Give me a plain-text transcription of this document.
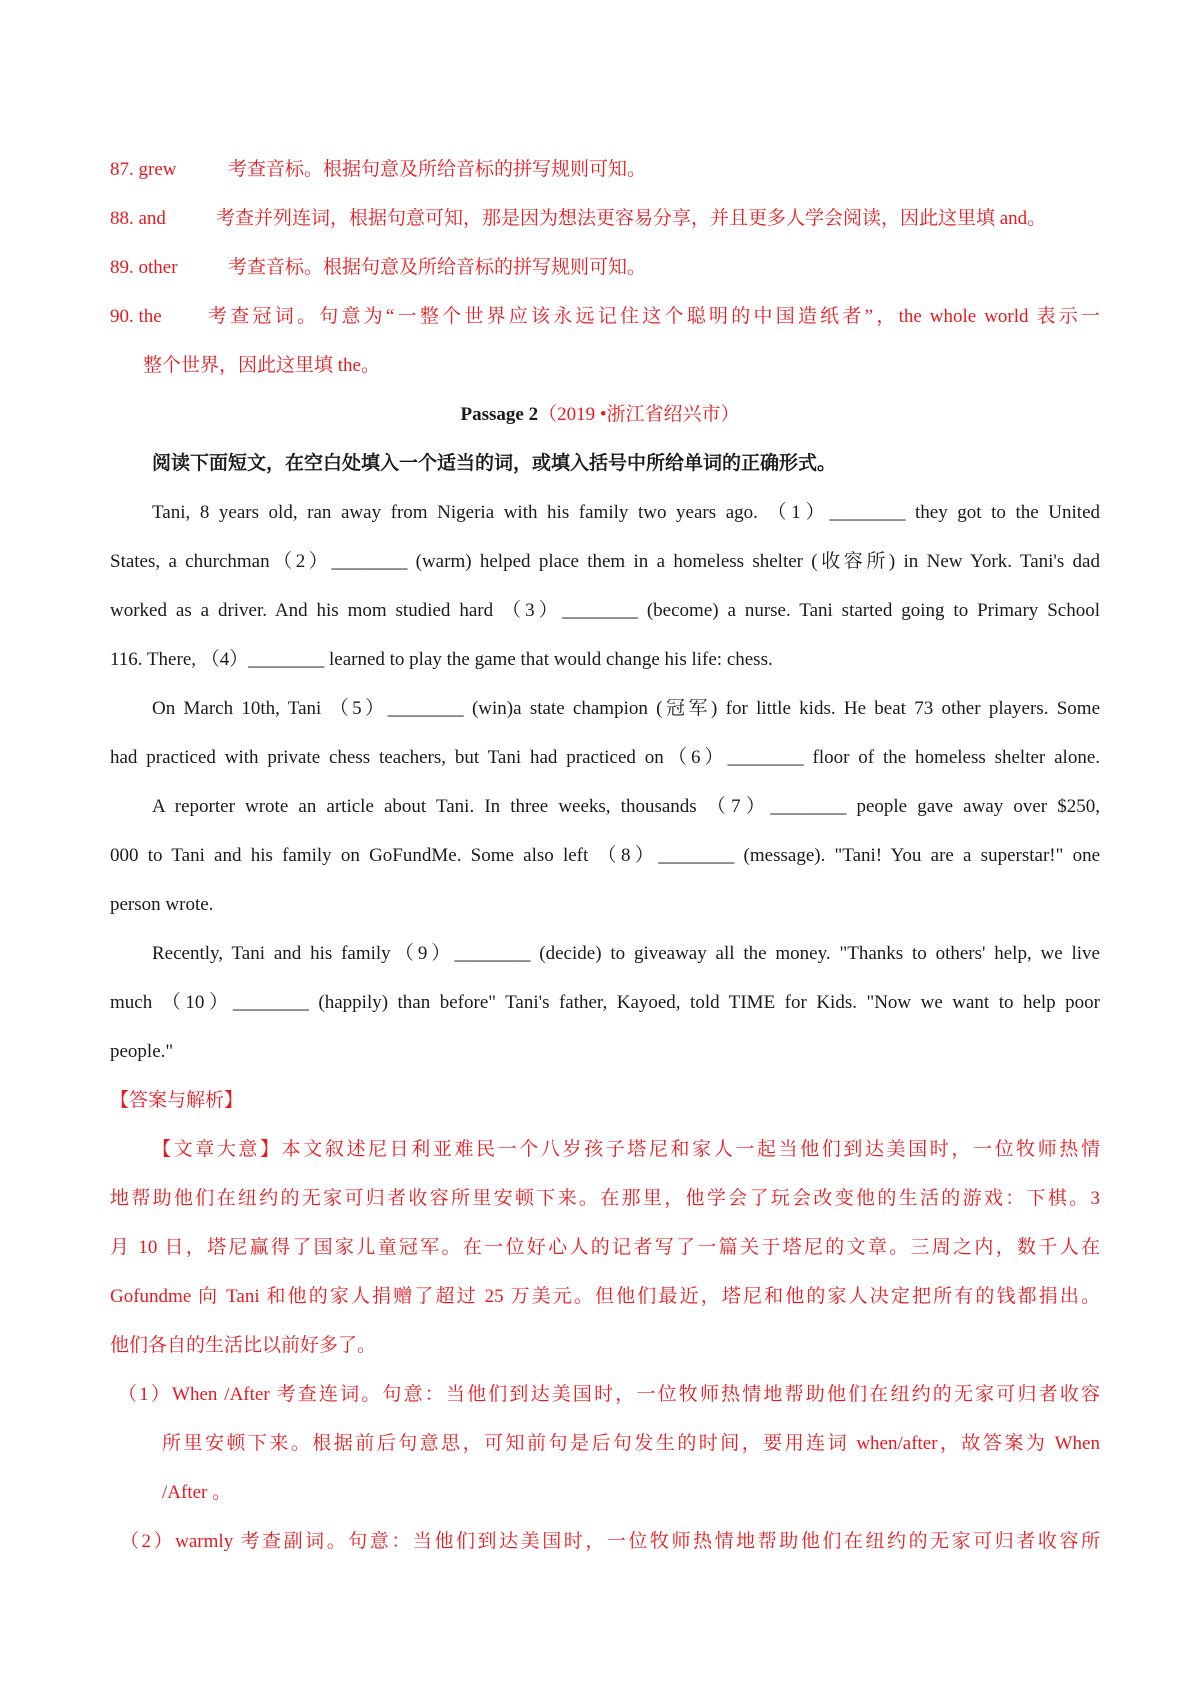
87. grew	考查音标。根据句意及所给音标的拼写规则可知。
88. and	考查并列连词，根据句意可知，那是因为想法更容易分享，并且更多人学会阅读，因此这里填 and。
89. other	考查音标。根据句意及所给音标的拼写规则可知。
90. the 考查冠词。句意为“一整个世界应该永远记住这个聪明的中国造纸者”，the whole world 表示一
整个世界，因此这里填 the。
Passage 2（2019 •浙江省绍兴市）
阅读下面短文，在空白处填入一个适当的词，或填入括号中所给单词的正确形式。
Tani, 8 years old, ran away from Nigeria with his family two years ago. （1）________ they got to the United
States, a churchman（2）________ (warm) helped place them in a homeless shelter (收容所) in New York. Tani's dad
worked as a driver. And his mom studied hard （3）________ (become) a nurse. Tani started going to Primary School
116. There, （4）________ learned to play the game that would change his life: chess.
On March 10th, Tani （5）________ (win)a state champion (冠军) for little kids. He beat 73 other players. Some
had practiced with private chess teachers, but Tani had practiced on（6）________ floor of the homeless shelter alone.
A reporter wrote an article about Tani. In three weeks, thousands （7）________ people gave away over $250,
000 to Tani and his family on GoFundMe. Some also left （8）________ (message). "Tani! You are a superstar!" one
person wrote.
Recently, Tani and his family（9）________ (decide) to giveaway all the money. "Thanks to others' help, we live
much （10）________ (happily) than before" Tani's father, Kayoed, told TIME for Kids. "Now we want to help poor
people."
【答案与解析】
【文章大意】本文叙述尼日利亚难民一个八岁孩子塔尼和家人一起当他们到达美国时，一位牧师热情
地帮助他们在纽约的无家可归者收容所里安顿下来。在那里，他学会了玩会改变他的生活的游戏：下棋。3
月 10 日，塔尼赢得了国家儿童冠军。在一位好心人的记者写了一篇关于塔尼的文章。三周之内，数千人在
Gofundme 向 Tani 和他的家人捐赠了超过 25 万美元。但他们最近，塔尼和他的家人决定把所有的钱都捐出。
他们各自的生活比以前好多了。
（1）When /After 考查连词。句意：当他们到达美国时，一位牧师热情地帮助他们在纽约的无家可归者收容
所里安顿下来。根据前后句意思，可知前句是后句发生的时间，要用连词 when/after，故答案为 When
/After 。
（2）warmly 考查副词。句意：当他们到达美国时，一位牧师热情地帮助他们在纽约的无家可归者收容所
